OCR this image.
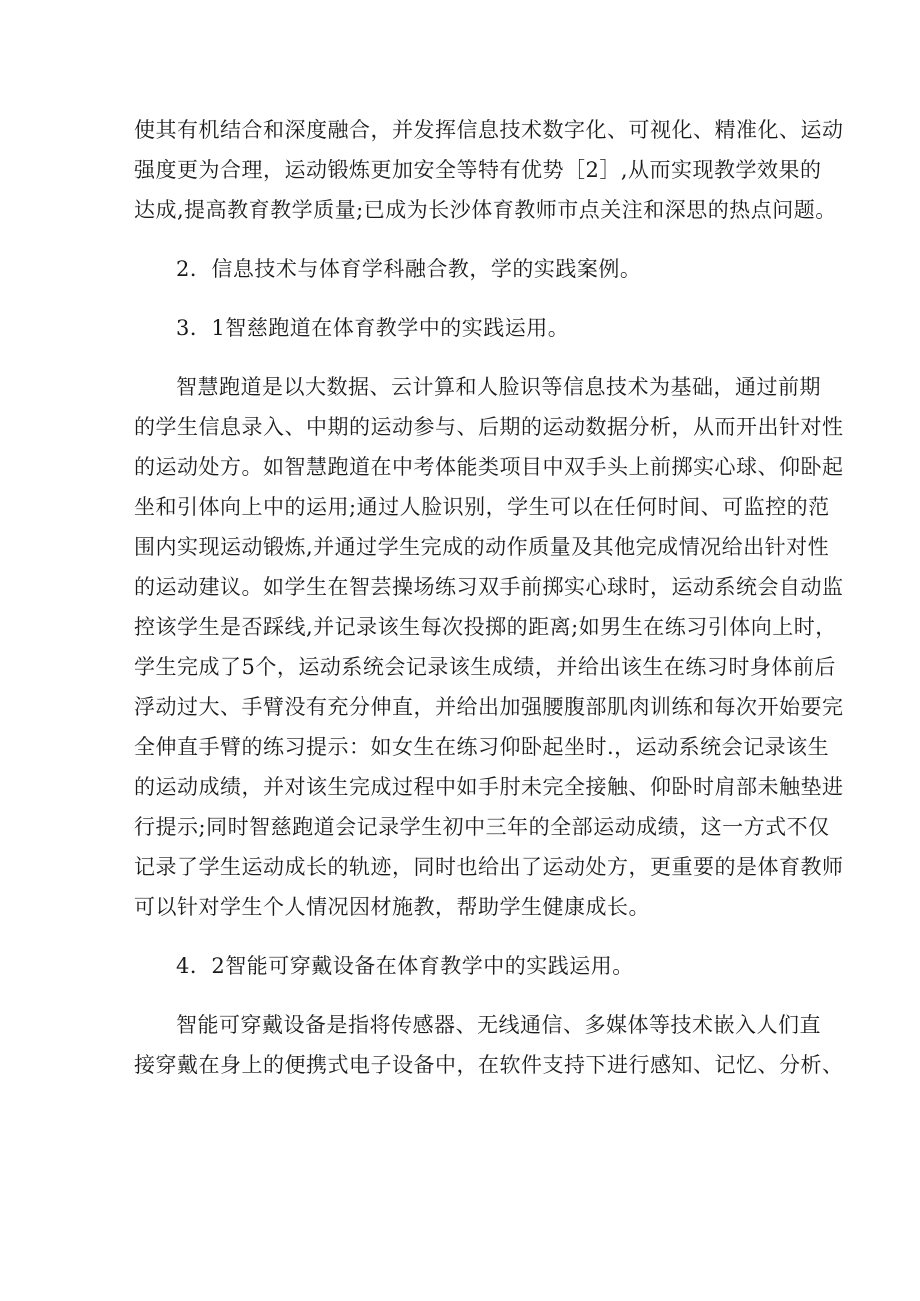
使其有机结合和深度融合，并发挥信息技术数字化、可视化、精准化、运动
强度更为合理，运动锻炼更加安全等特有优势［2］,从而实现教学效果的
达成,提高教育教学质量;已成为长沙体育教师市点关注和深思的热点问题。
2．信息技术与体育学科融合教，学的实践案例。
3．1智慈跑道在体育教学中的实践运用。
智慧跑道是以大数据、云计算和人脸识等信息技术为基础，通过前期
的学生信息录入、中期的运动参与、后期的运动数据分析，从而开出针对性
的运动处方。如智慧跑道在中考体能类项目中双手头上前掷实心球、仰卧起
坐和引体向上中的运用;通过人脸识别，学生可以在任何时间、可监控的范
围内实现运动锻炼,并通过学生完成的动作质量及其他完成情况给出针对性
的运动建议。如学生在智芸操场练习双手前掷实心球时，运动系统会自动监
控该学生是否踩线,并记录该生每次投掷的距离;如男生在练习引体向上时，
学生完成了5个，运动系统会记录该生成绩，并给出该生在练习时身体前后
浮动过大、手臂没有充分伸直，并给出加强腰腹部肌肉训练和每次开始要完
全伸直手臂的练习提示：如女生在练习仰卧起坐时.，运动系统会记录该生
的运动成绩，并对该生完成过程中如手肘未完全接触、仰卧时肩部未触垫进
行提示;同时智慈跑道会记录学生初中三年的全部运动成绩，这一方式不仅
记录了学生运动成长的轨迹，同时也给出了运动处方，更重要的是体育教师
可以针对学生个人情况因材施教，帮助学生健康成长。
4．2智能可穿戴设备在体育教学中的实践运用。
智能可穿戴设备是指将传感器、无线通信、多媒体等技术嵌入人们直
接穿戴在身上的便携式电子设备中，在软件支持下进行感知、记忆、分析、
